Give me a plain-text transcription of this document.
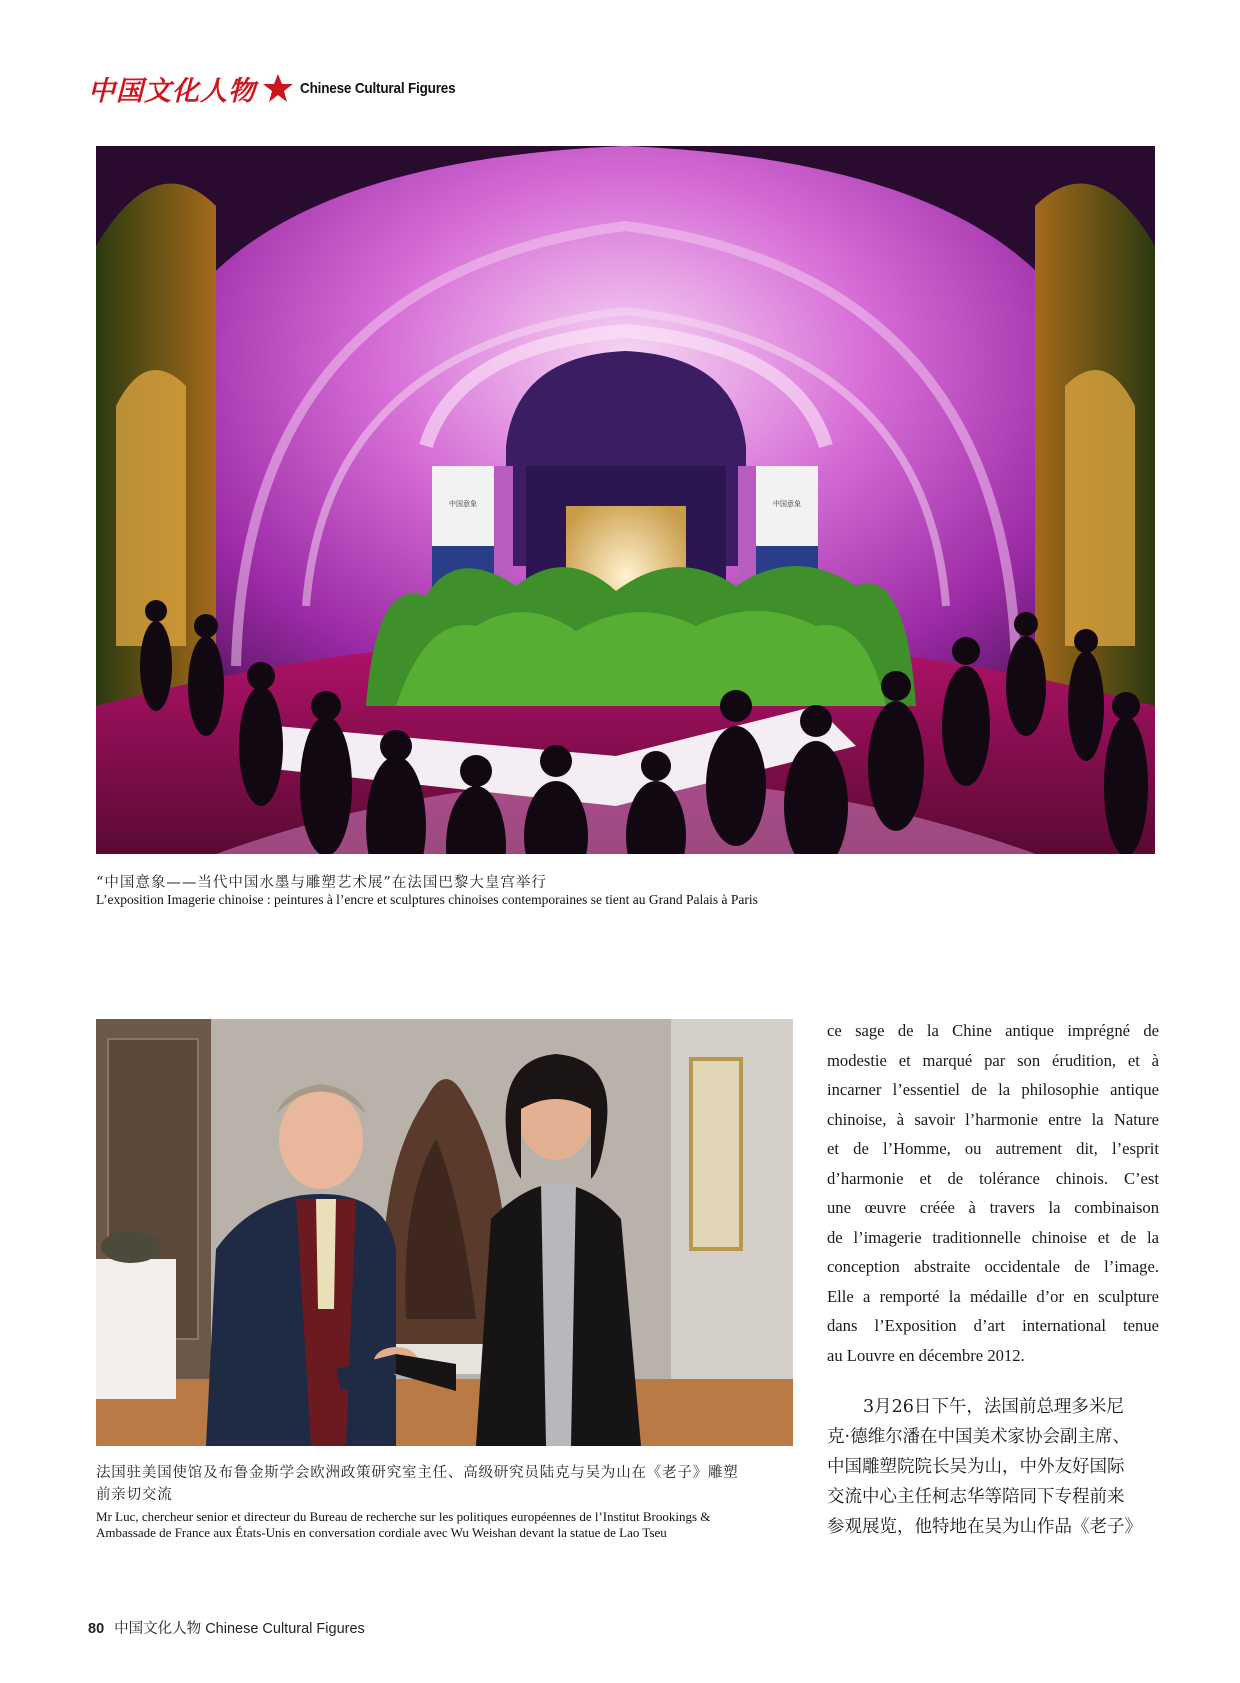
中国文化人物	Chinese Cultural Figures
中国意象	中国意象
“中国意象——当代中国水墨与雕塑艺术展”在法国巴黎大皇宫举行
L’exposition Imagerie chinoise : peintures à l’encre et sculptures chinoises contemporaines se tient au Grand Palais à Paris
法国驻美国使馆及布鲁金斯学会欧洲政策研究室主任、高级研究员陆克与吴为山在《老子》雕塑
前亲切交流
Mr Luc, chercheur senior et directeur du Bureau de recherche sur les politiques européennes de l’Institut Brookings &
Ambassade de France aux États-Unis en conversation cordiale avec Wu Weishan devant la statue de Lao Tseu
ce sage de la Chine antique imprégné de
modestie et marqué par son érudition, et à
incarner l’essentiel de la philosophie antique
chinoise, à savoir l’harmonie entre la Nature
et de l’Homme, ou autrement dit, l’esprit
d’harmonie et de tolérance chinois. C’est
une œuvre créée à travers la combinaison
de l’imagerie traditionnelle chinoise et de la
conception abstraite occidentale de l’image.
Elle a remporté la médaille d’or en sculpture
dans l’Exposition d’art international tenue
au Louvre en décembre 2012.
3月26日下午，法国前总理多米尼
克·德维尔潘在中国美术家协会副主席、
中国雕塑院院长吴为山，中外友好国际
交流中心主任柯志华等陪同下专程前来
参观展览，他特地在吴为山作品《老子》
80 中国文化人物 Chinese Cultural Figures
